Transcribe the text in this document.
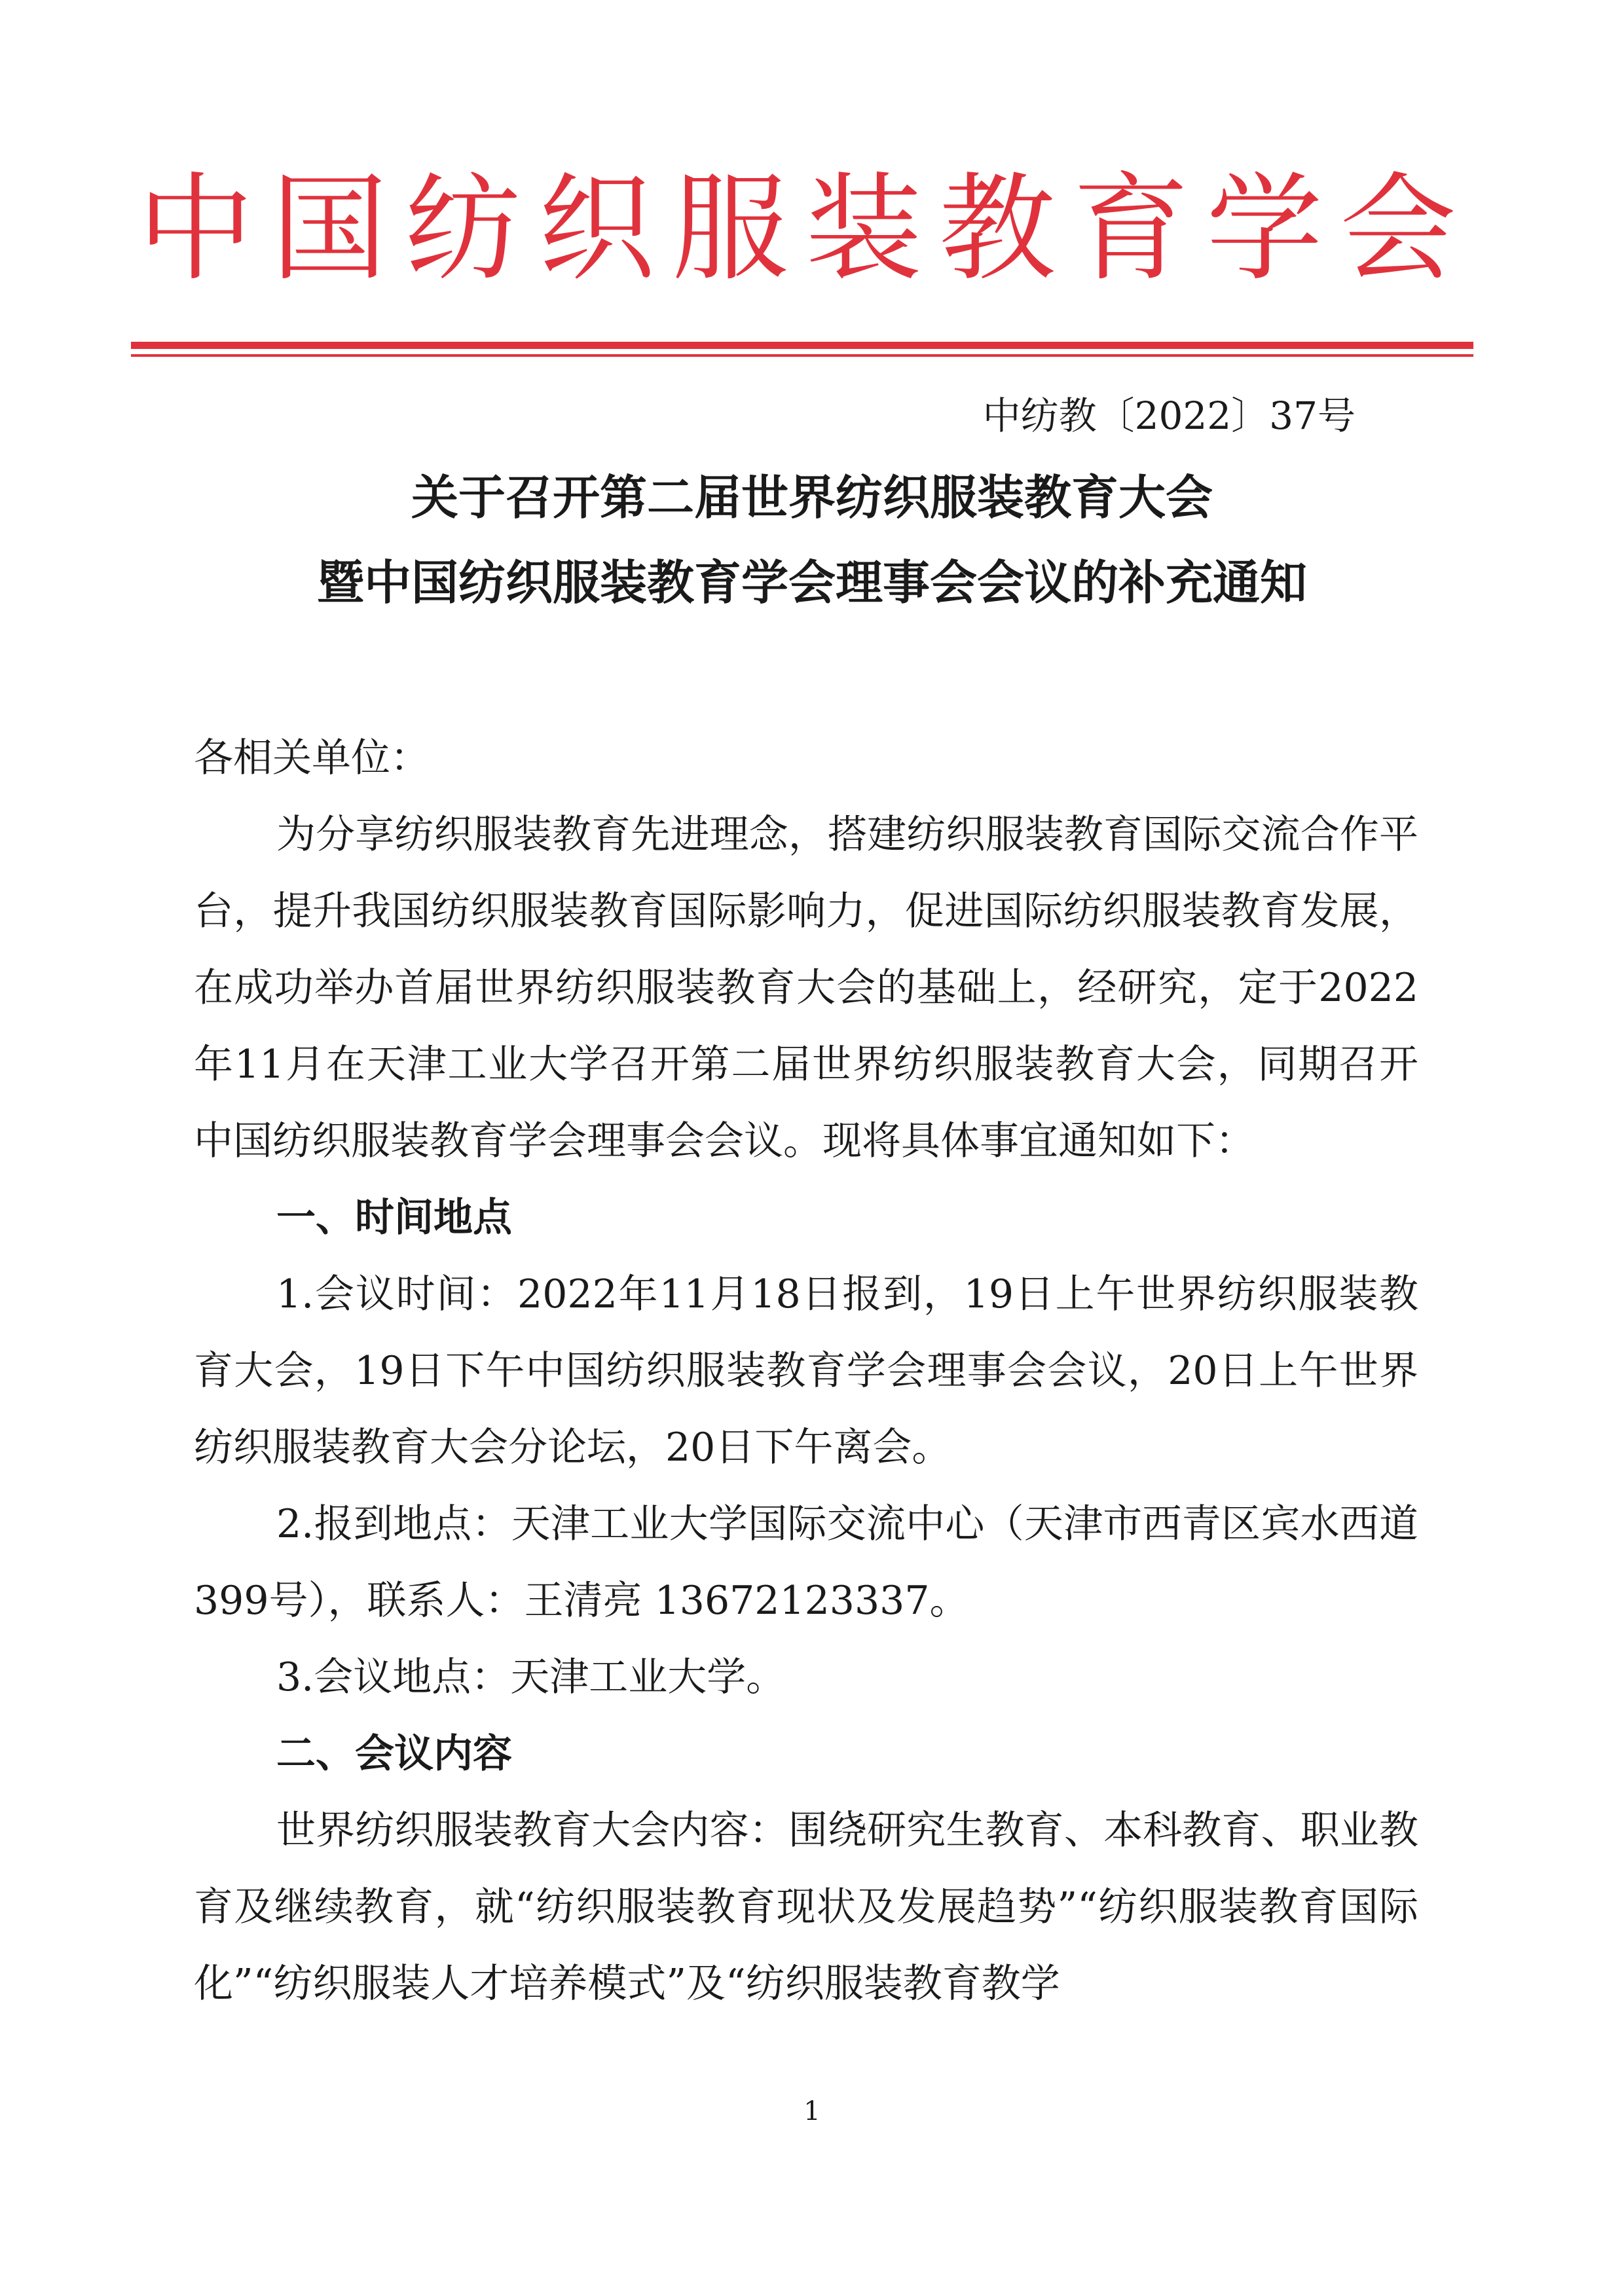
中国纺织服装教育学会
中纺教〔2022〕37号
关于召开第二届世界纺织服装教育大会
暨中国纺织服装教育学会理事会会议的补充通知

各相关单位：

为分享纺织服装教育先进理念，搭建纺织服装教育国际交流合作平台，提升我国纺织服装教育国际影响力，促进国际纺织服装教育发展，在成功举办首届世界纺织服装教育大会的基础上，经研究，定于2022年11月在天津工业大学召开第二届世界纺织服装教育大会，同期召开中国纺织服装教育学会理事会会议。现将具体事宜通知如下：

一、时间地点

1.会议时间：2022年11月18日报到，19日上午世界纺织服装教育大会，19日下午中国纺织服装教育学会理事会会议，20日上午世界纺织服装教育大会分论坛，20日下午离会。

2.报到地点：天津工业大学国际交流中心（天津市西青区宾水西道399号），联系人：王清亮 13672123337。

3.会议地点：天津工业大学。

二、会议内容

世界纺织服装教育大会内容：围绕研究生教育、本科教育、职业教育及继续教育，就“纺织服装教育现状及发展趋势”“纺织服装教育国际化”“纺织服装人才培养模式”及“纺织服装教育教学

1
